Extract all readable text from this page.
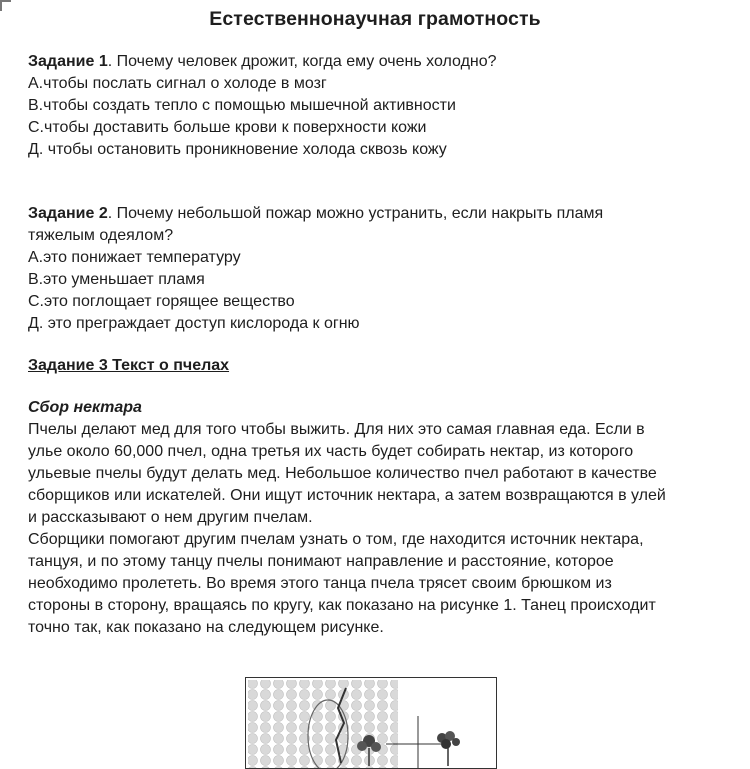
Естественнонаучная грамотность
Задание 1. Почему человек дрожит, когда ему очень холодно?
А.чтобы послать сигнал о холоде в мозг
В.чтобы создать тепло с помощью мышечной активности
С.чтобы доставить больше крови к поверхности кожи
Д. чтобы остановить проникновение холода сквозь кожу
Задание 2. Почему небольшой пожар можно устранить, если накрыть пламя
тяжелым одеялом?
А.это понижает температуру
В.это уменьшает пламя
С.это поглощает горящее вещество
Д. это преграждает доступ кислорода к огню
Задание 3 Текст о пчелах
Сбор нектара
Пчелы делают мед для того чтобы выжить. Для них это самая главная еда. Если в
улье около 60,000 пчел, одна третья их часть будет собирать нектар, из которого
ульевые пчелы будут делать мед. Небольшое количество пчел работают в качестве
сборщиков или искателей. Они ищут источник нектара, а затем возвращаются в улей
и рассказывают о нем другим пчелам.
Сборщики помогают другим пчелам узнать о том, где находится источник нектара,
танцуя, и по этому танцу пчелы понимают направление и расстояние, которое
необходимо пролететь. Во время этого танца пчела трясет своим брюшком из
стороны в сторону, вращаясь по кругу, как показано на рисунке 1. Танец происходит
точно так, как показано на следующем рисунке.
